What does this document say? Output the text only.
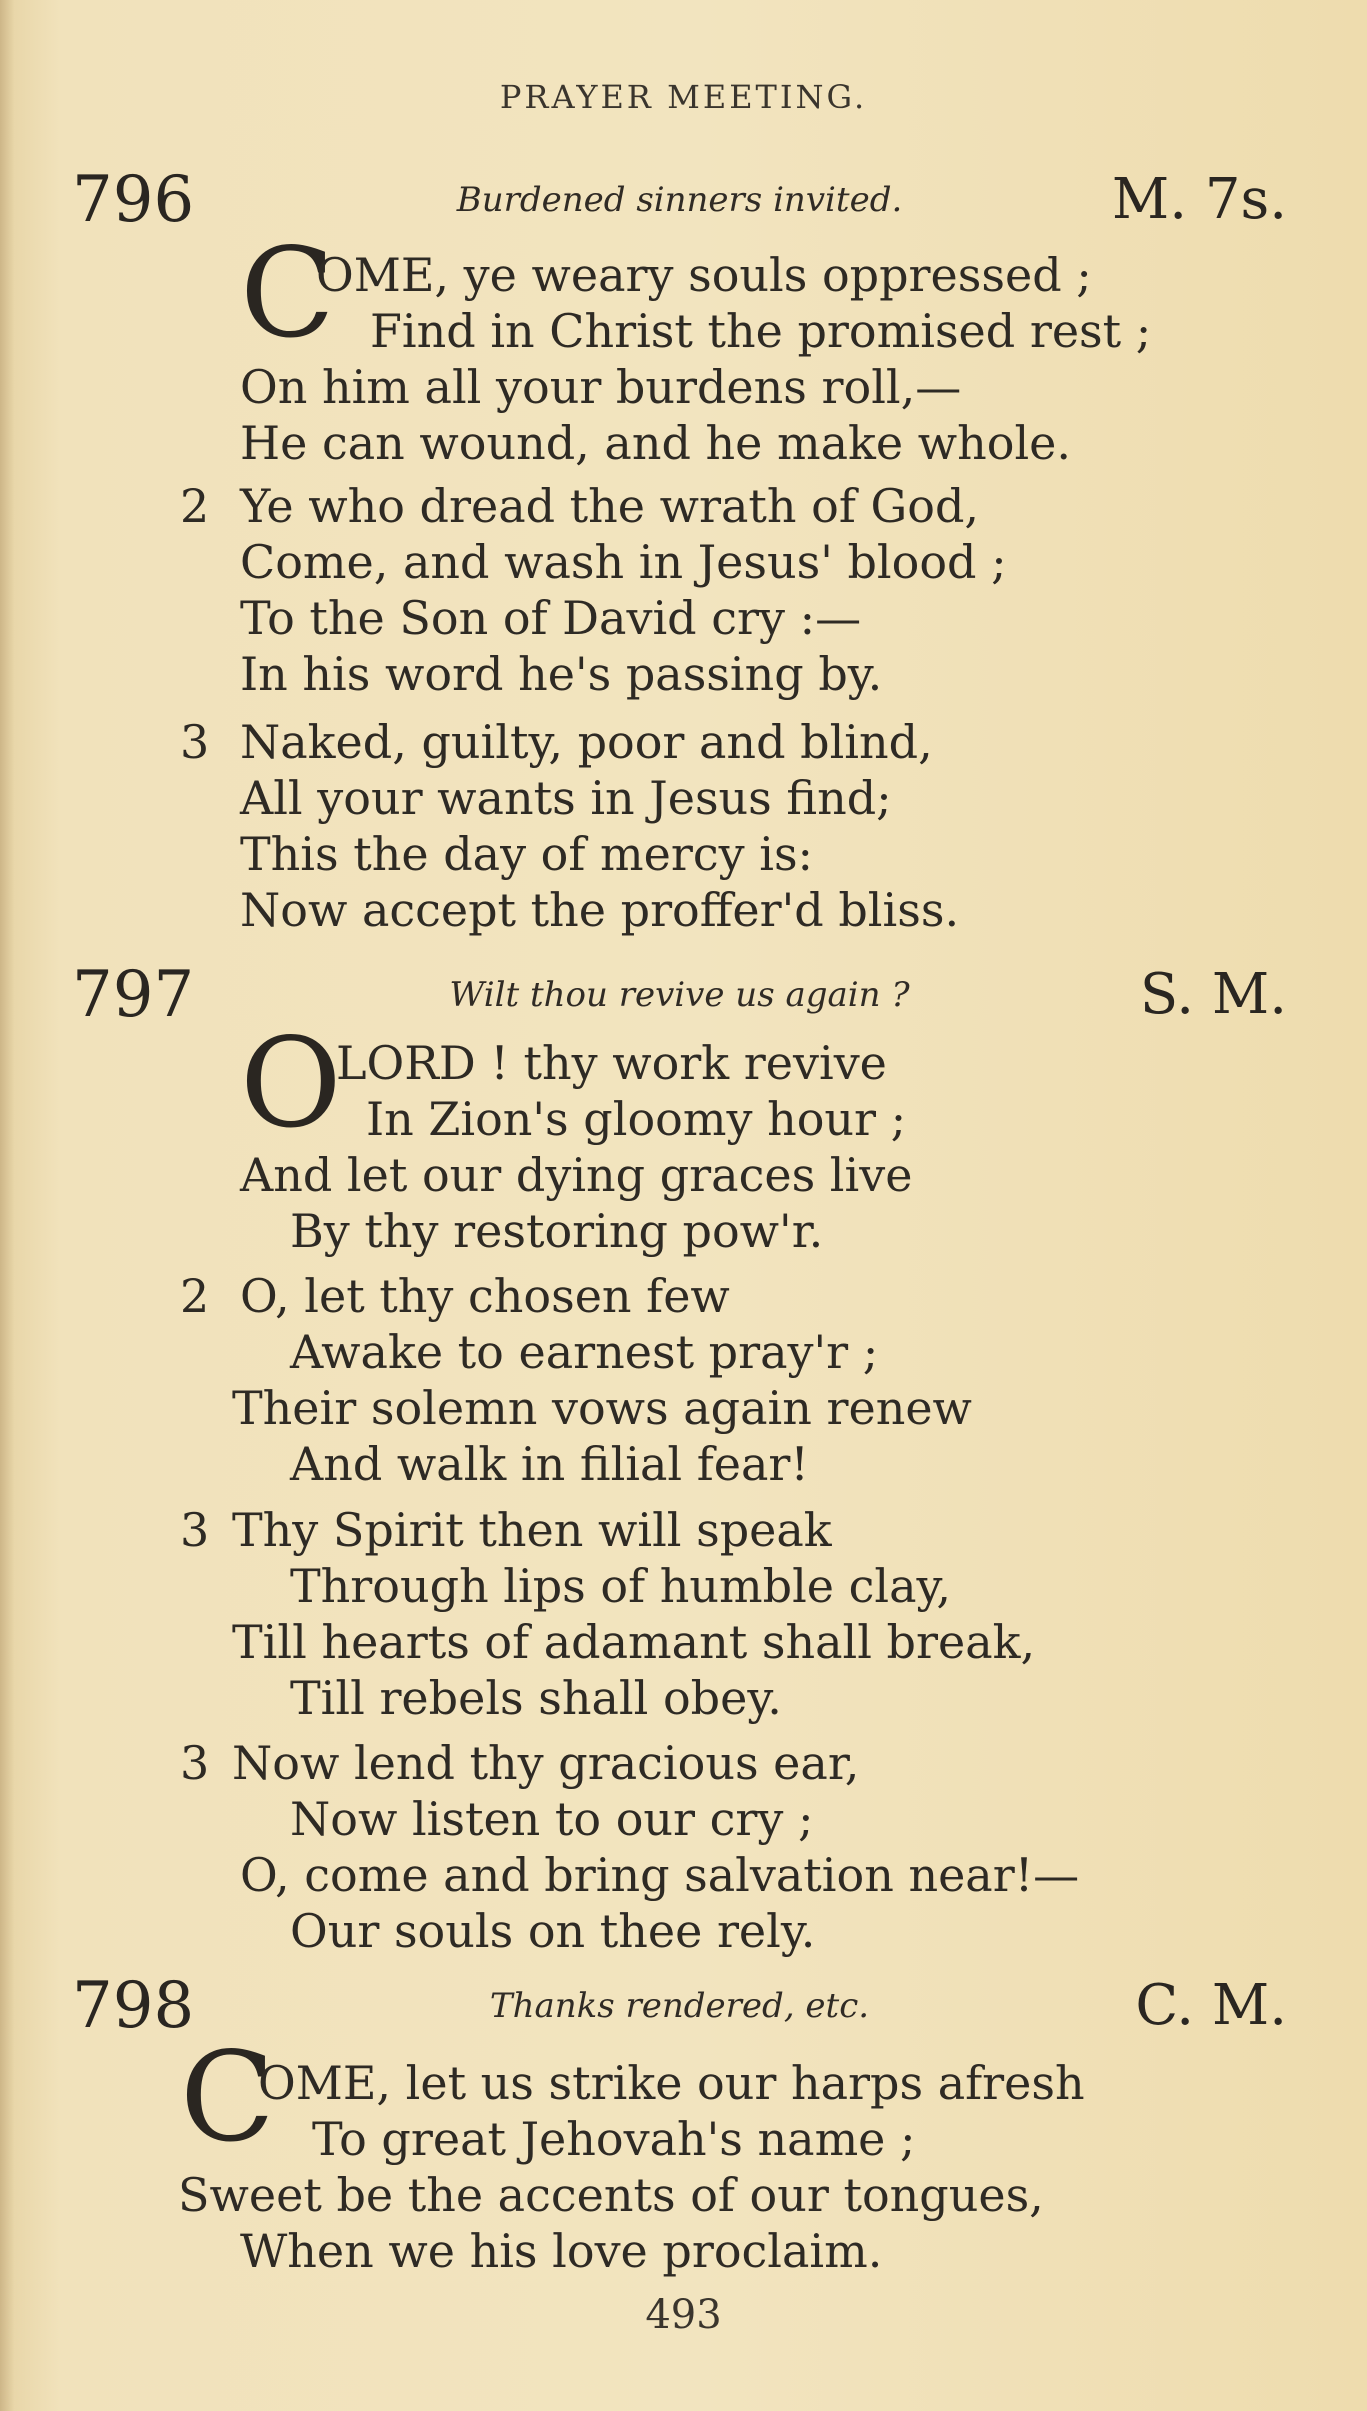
PRAYER MEETING.
796	Burdened sinners invited.	M. 7s.
C
OME, ye weary souls oppressed ;
Find in Christ the promised rest ;
On him all your burdens roll,—
He can wound, and he make whole.
2 Ye who dread the wrath of God,
Come, and wash in Jesus' blood ;
To the Son of David cry :—
In his word he's passing by.
3 Naked, guilty, poor and blind,
All your wants in Jesus find;
This the day of mercy is:
Now accept the proffer'd bliss.
797	Wilt thou revive us again ?	S. M.
O
LORD ! thy work revive
In Zion's gloomy hour ;
And let our dying graces live
By thy restoring pow'r.
2 O, let thy chosen few
Awake to earnest pray'r ;
Their solemn vows again renew
And walk in filial fear!
3 Thy Spirit then will speak
Through lips of humble clay,
Till hearts of adamant shall break,
Till rebels shall obey.
3 Now lend thy gracious ear,
Now listen to our cry ;
O, come and bring salvation near!—
Our souls on thee rely.
798	Thanks rendered, etc.	C. M.
C
OME, let us strike our harps afresh
To great Jehovah's name ;
Sweet be the accents of our tongues,
When we his love proclaim.
493
